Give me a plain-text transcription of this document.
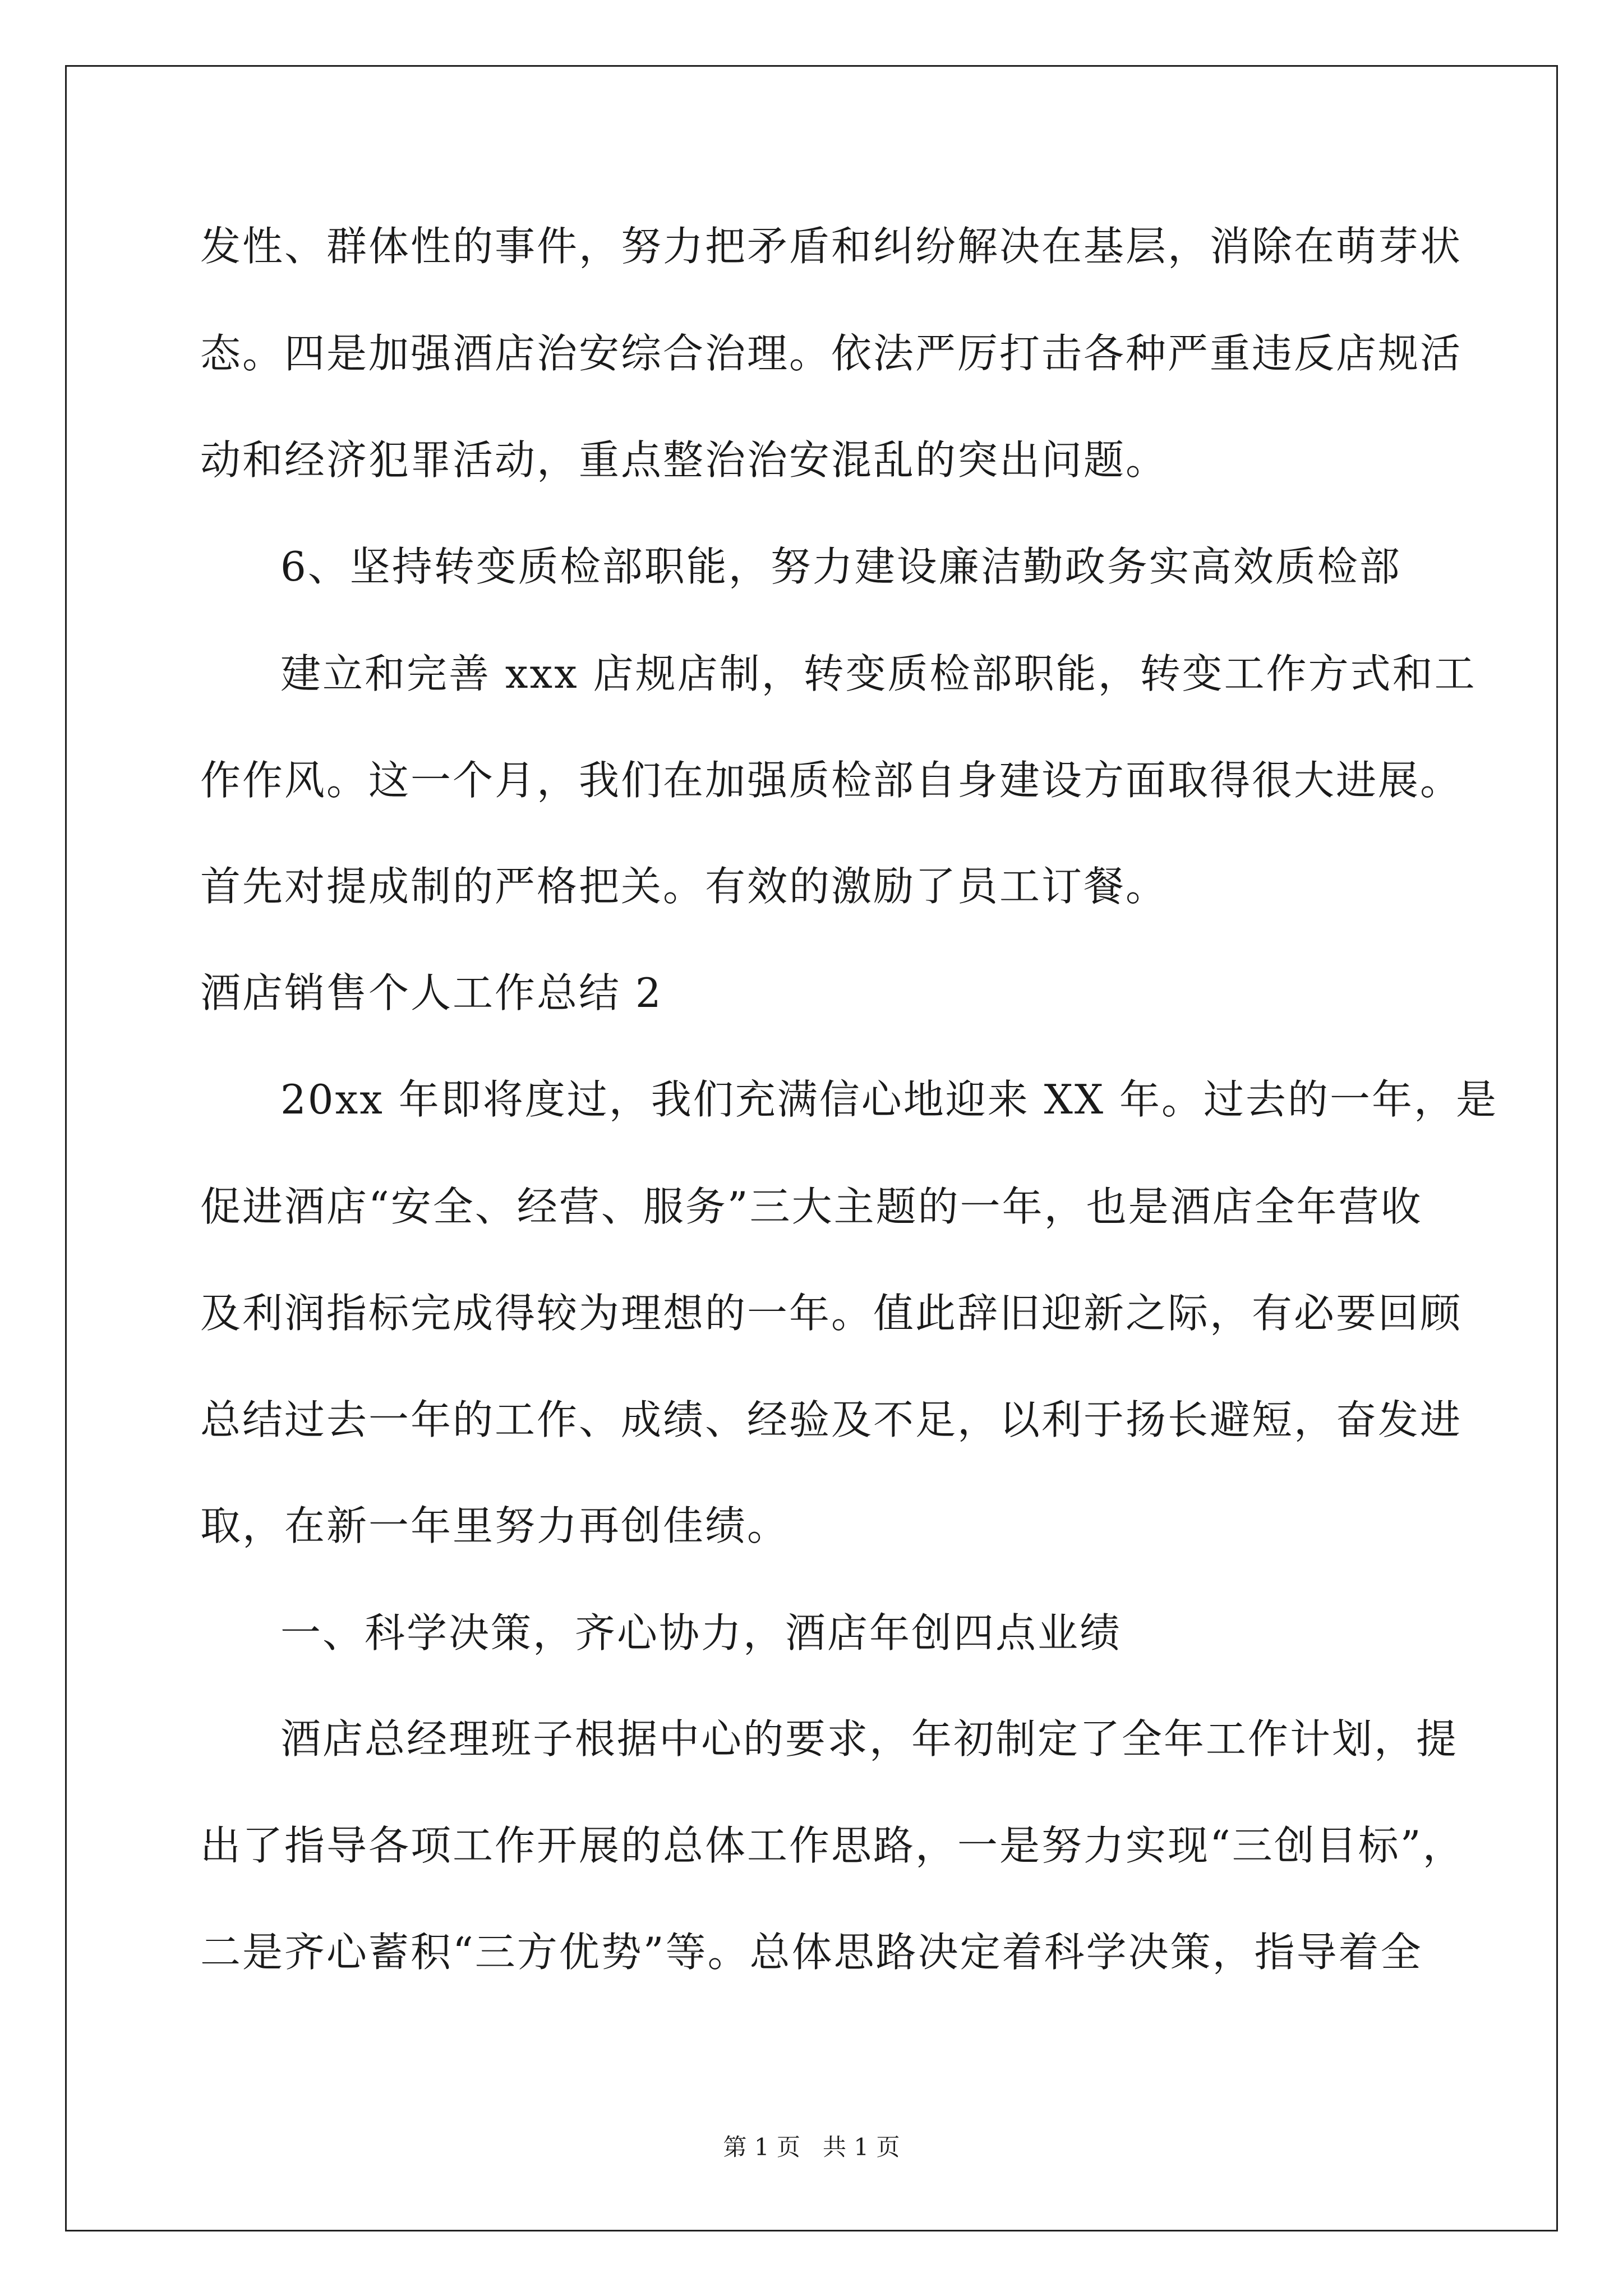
发性、群体性的事件，努力把矛盾和纠纷解决在基层，消除在萌芽状
态。四是加强酒店治安综合治理。依法严厉打击各种严重违反店规活
动和经济犯罪活动，重点整治治安混乱的突出问题。
6、坚持转变质检部职能，努力建设廉洁勤政务实高效质检部
建立和完善 xxx 店规店制，转变质检部职能，转变工作方式和工
作作风。这一个月，我们在加强质检部自身建设方面取得很大进展。
首先对提成制的严格把关。有效的激励了员工订餐。
酒店销售个人工作总结 2
20xx 年即将度过，我们充满信心地迎来 XX 年。过去的一年，是
促进酒店“安全、经营、服务”三大主题的一年，也是酒店全年营收
及利润指标完成得较为理想的一年。值此辞旧迎新之际，有必要回顾
总结过去一年的工作、成绩、经验及不足，以利于扬长避短，奋发进
取，在新一年里努力再创佳绩。
一、科学决策，齐心协力，酒店年创四点业绩
酒店总经理班子根据中心的要求，年初制定了全年工作计划，提
出了指导各项工作开展的总体工作思路，一是努力实现“三创目标”，
二是齐心蓄积“三方优势”等。总体思路决定着科学决策，指导着全
第 1 页   共 1 页
